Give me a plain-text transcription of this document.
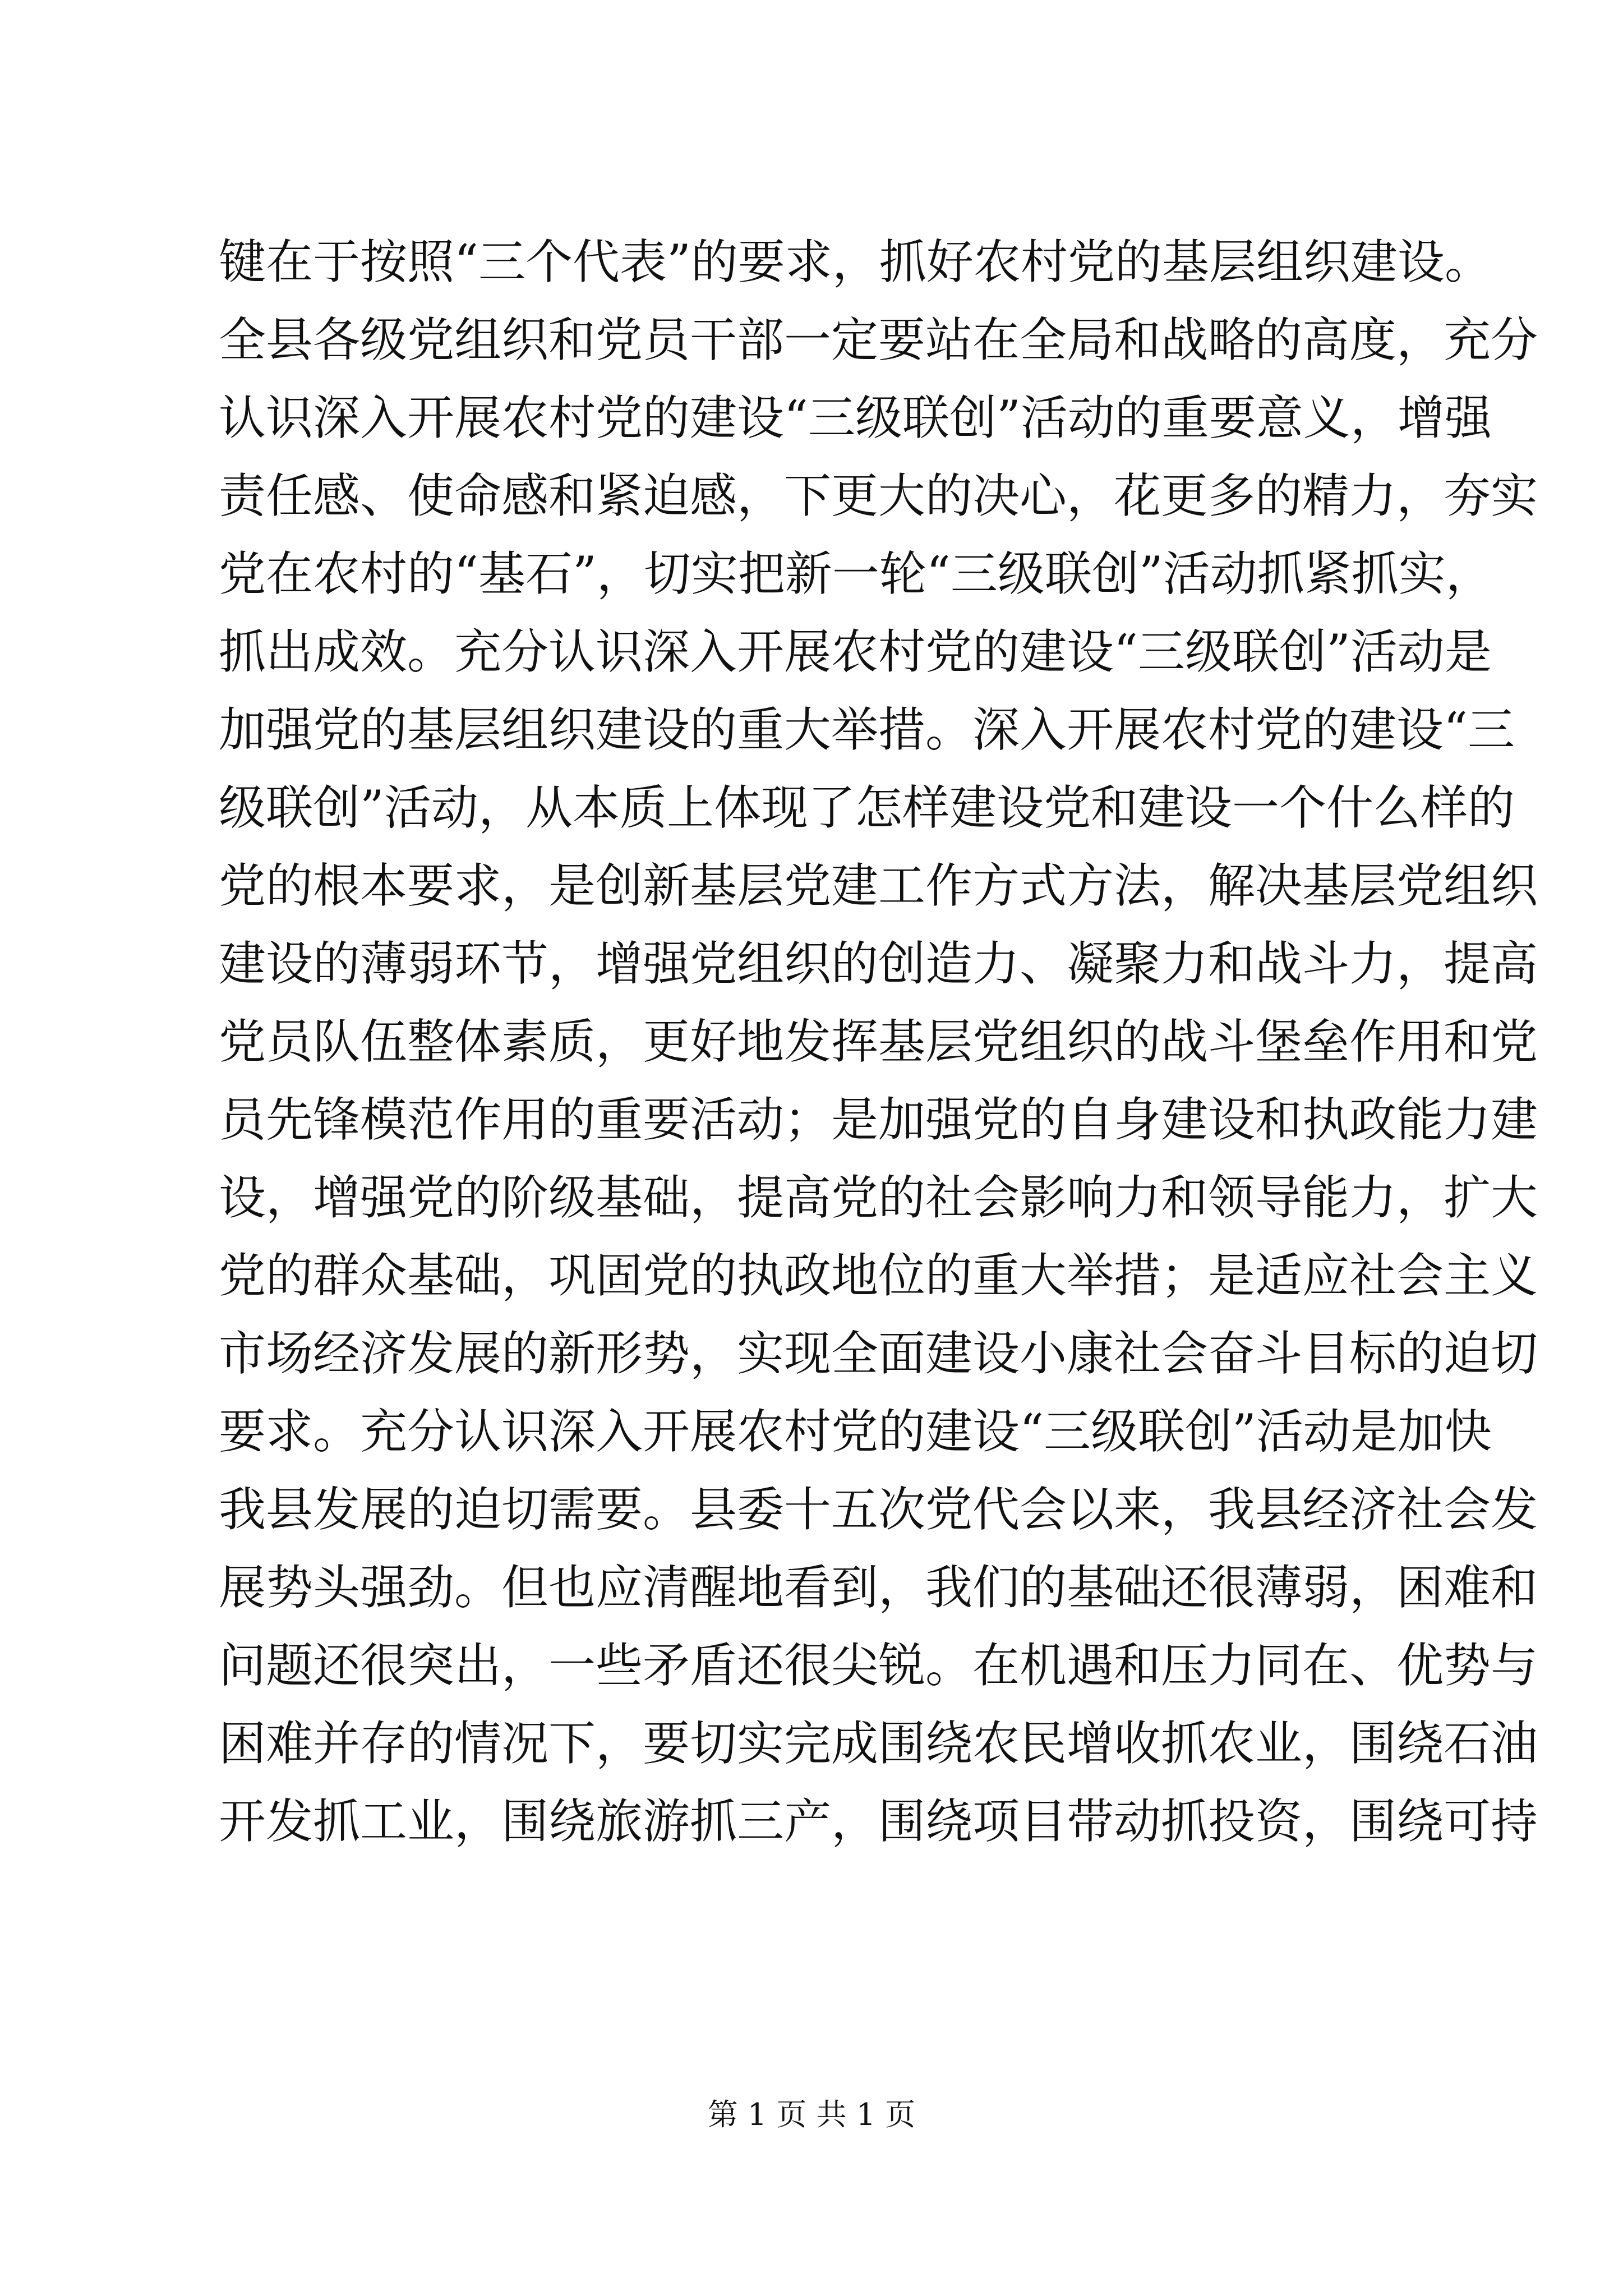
键在于按照“三个代表”的要求，抓好农村党的基层组织建设。
全县各级党组织和党员干部一定要站在全局和战略的高度，充分
认识深入开展农村党的建设“三级联创”活动的重要意义，增强
责任感、使命感和紧迫感，下更大的决心，花更多的精力，夯实
党在农村的“基石”，切实把新一轮“三级联创”活动抓紧抓实，
抓出成效。充分认识深入开展农村党的建设“三级联创”活动是
加强党的基层组织建设的重大举措。深入开展农村党的建设“三
级联创”活动，从本质上体现了怎样建设党和建设一个什么样的
党的根本要求，是创新基层党建工作方式方法，解决基层党组织
建设的薄弱环节，增强党组织的创造力、凝聚力和战斗力，提高
党员队伍整体素质，更好地发挥基层党组织的战斗堡垒作用和党
员先锋模范作用的重要活动；是加强党的自身建设和执政能力建
设，增强党的阶级基础，提高党的社会影响力和领导能力，扩大
党的群众基础，巩固党的执政地位的重大举措；是适应社会主义
市场经济发展的新形势，实现全面建设小康社会奋斗目标的迫切
要求。充分认识深入开展农村党的建设“三级联创”活动是加快
我县发展的迫切需要。县委十五次党代会以来，我县经济社会发
展势头强劲。但也应清醒地看到，我们的基础还很薄弱，困难和
问题还很突出，一些矛盾还很尖锐。在机遇和压力同在、优势与
困难并存的情况下，要切实完成围绕农民增收抓农业，围绕石油
开发抓工业，围绕旅游抓三产，围绕项目带动抓投资，围绕可持
第 1 页 共 1 页
